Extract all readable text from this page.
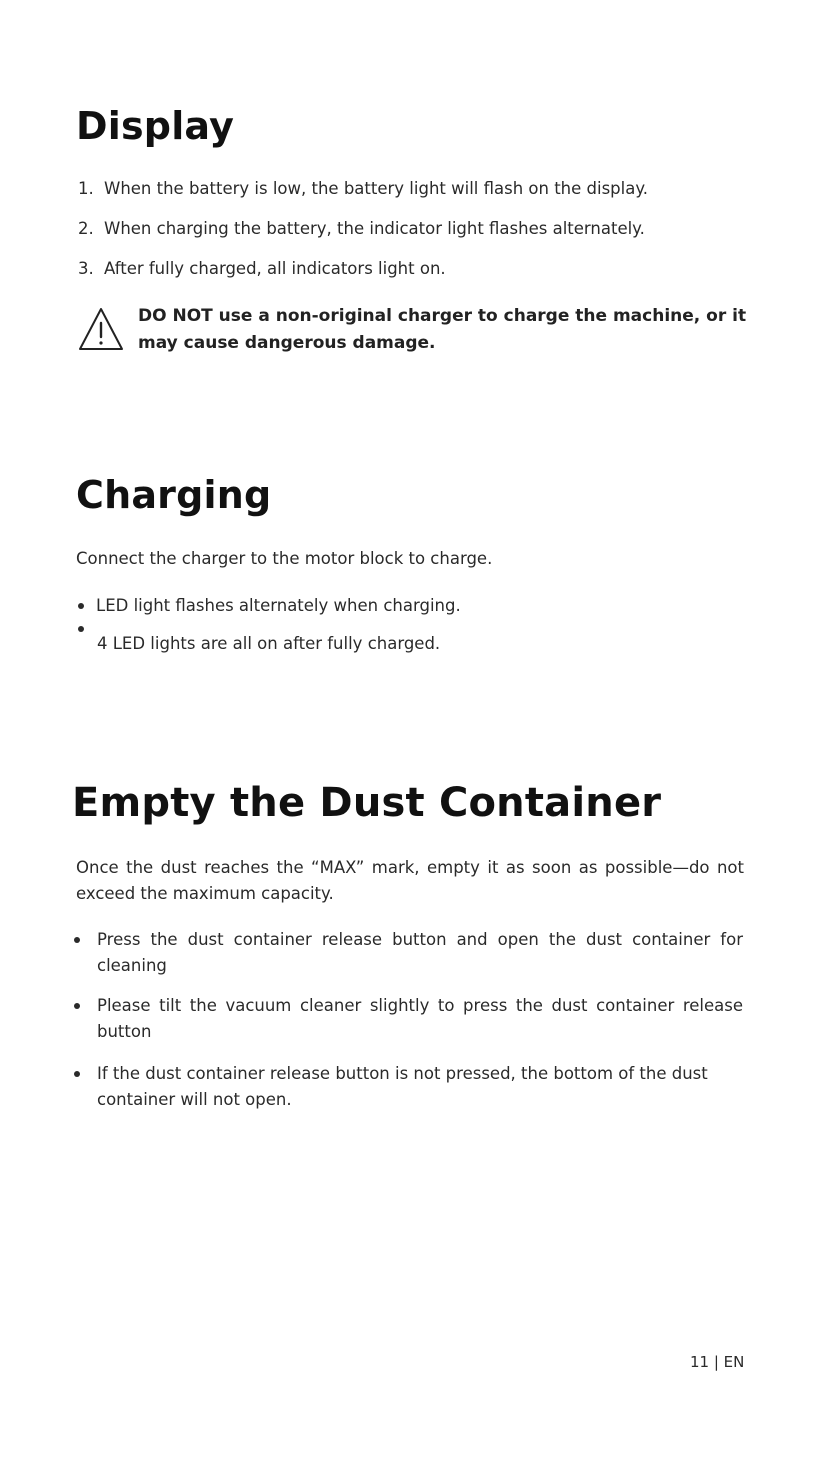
Display
1. When the battery is low, the battery light will flash on the display.

2. When charging the battery, the indicator light flashes alternately.

3. After fully charged, all indicators light on.

DO NOT use a non-original charger to charge the machine, or it may cause dangerous damage.

Charging

Connect the charger to the motor block to charge.

LED light flashes alternately when charging.

4 LED lights are all on after fully charged.

Empty the Dust Container

Once the dust reaches the “MAX” mark, empty it as soon as possible—do not exceed the maximum capacity.

Press the dust container release button and open the dust container for cleaning

Please tilt the vacuum cleaner slightly to press the dust container release button

If the dust container release button is not pressed, the bottom of the dust container will not open.

11 | EN
